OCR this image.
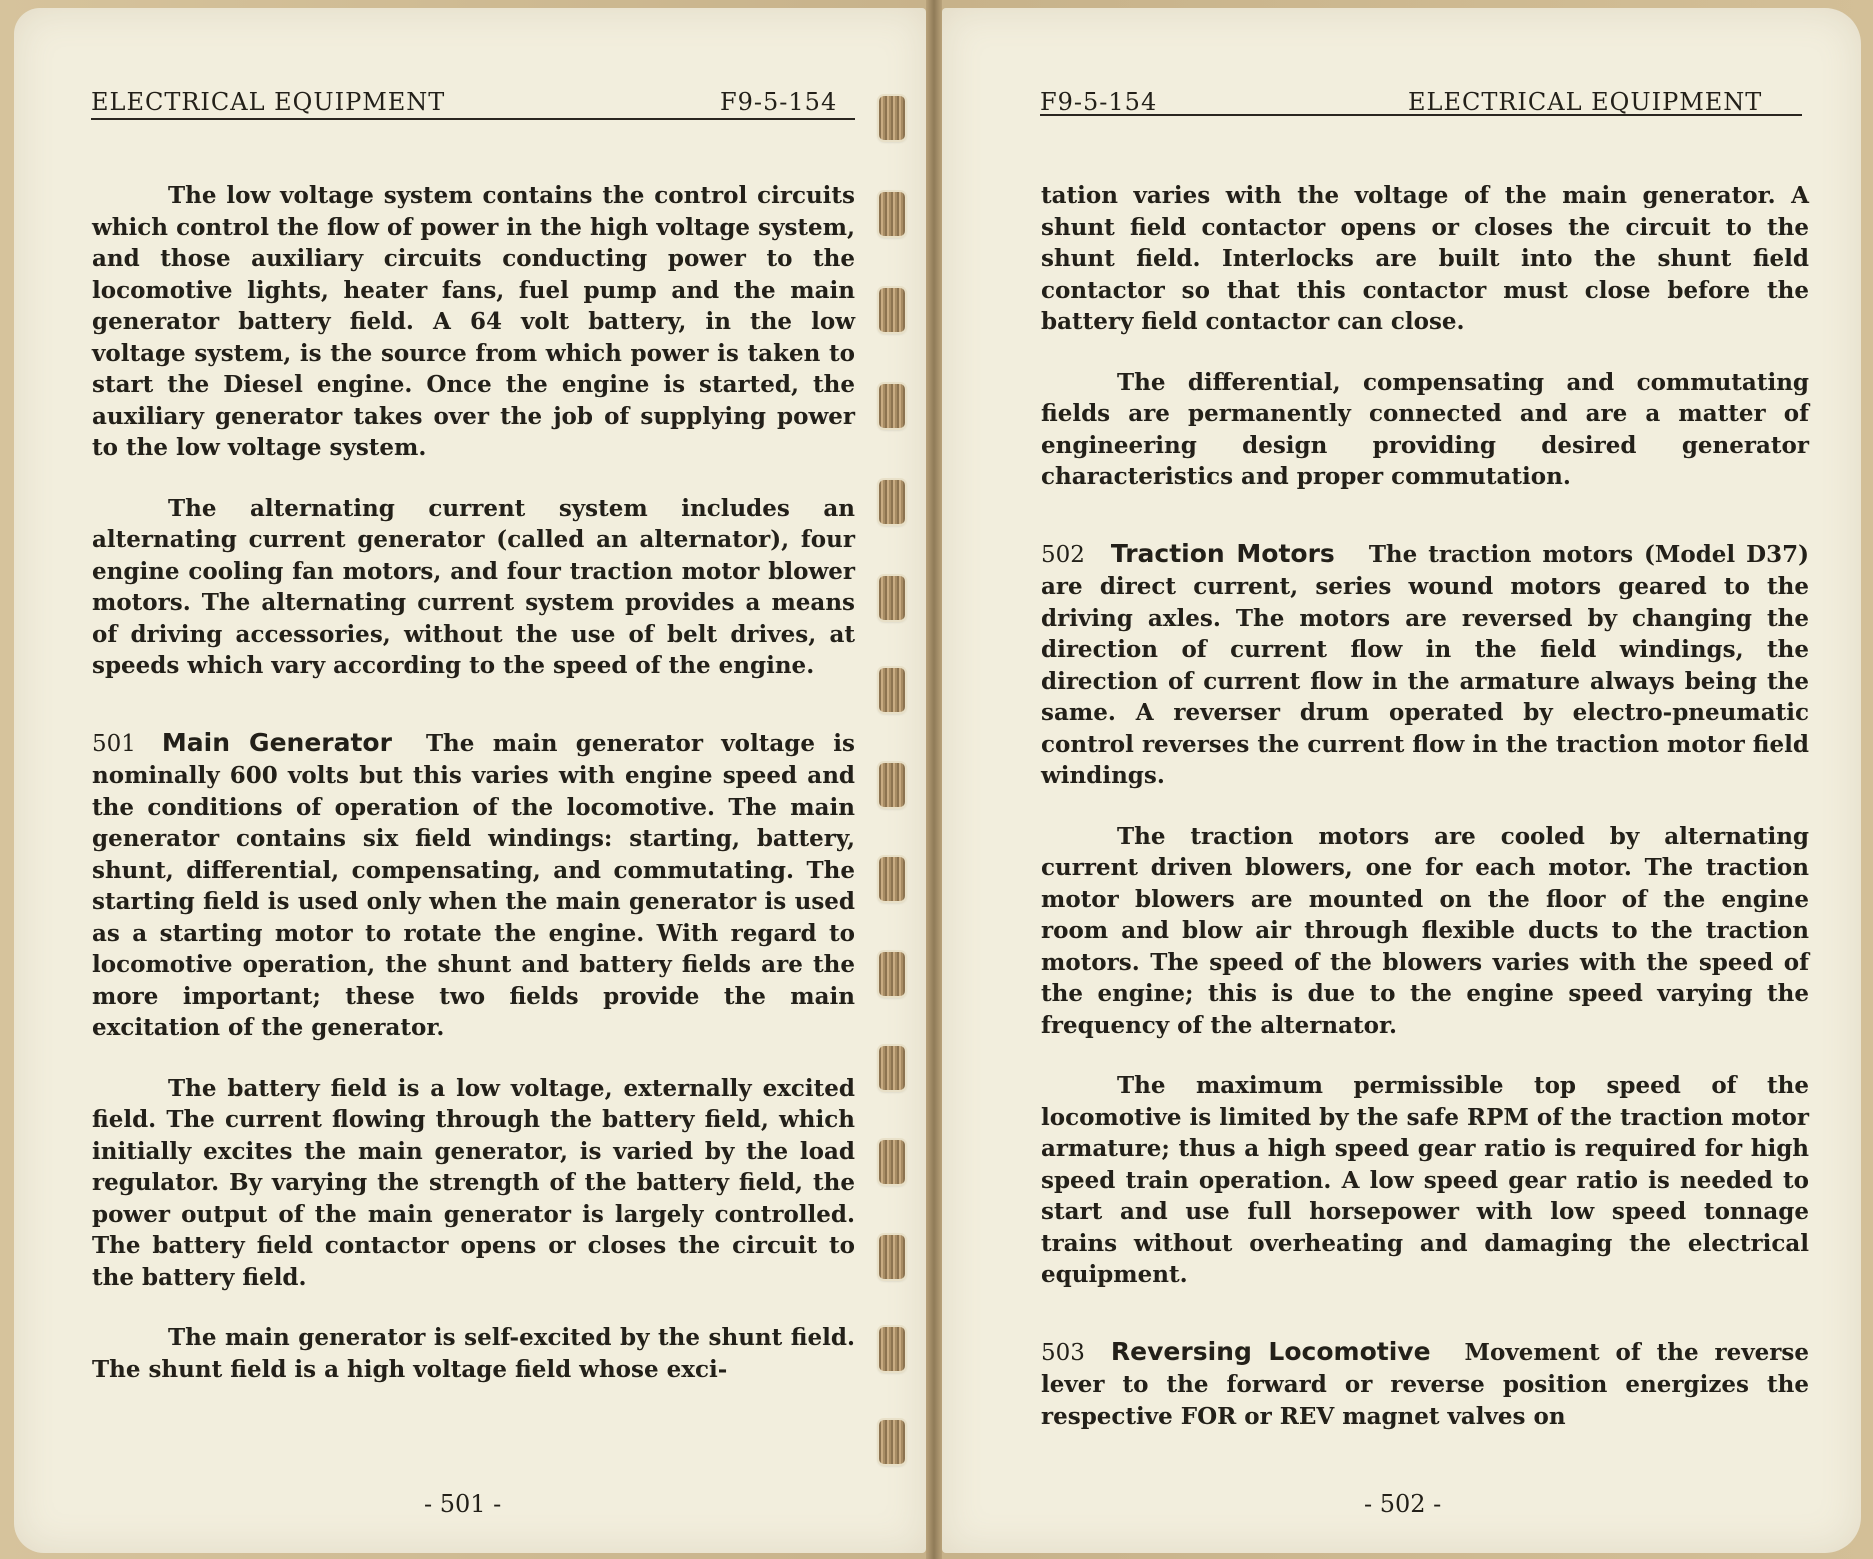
ELECTRICAL EQUIPMENT	F9-5-154

The low voltage system contains the control circuits which control the flow of power in the high voltage system, and those auxiliary circuits conducting power to the locomotive lights, heater fans, fuel pump and the main generator battery field. A 64 volt battery, in the low voltage system, is the source from which power is taken to start the Diesel engine. Once the engine is started, the auxiliary generator takes over the job of supplying power to the low voltage system.

The alternating current system includes an alternating current generator (called an alternator), four engine cooling fan motors, and four traction motor blower motors. The alternating current system provides a means of driving accessories, without the use of belt drives, at speeds which vary according to the speed of the engine.

501 Main Generator The main generator voltage is nominally 600 volts but this varies with engine speed and the conditions of operation of the locomotive. The main generator contains six field windings: starting, battery, shunt, differential, compensating, and commutating. The starting field is used only when the main generator is used as a starting motor to rotate the engine. With regard to locomotive operation, the shunt and battery fields are the more important; these two fields provide the main excitation of the generator.

The battery field is a low voltage, externally excited field. The current flowing through the battery field, which initially excites the main generator, is varied by the load regulator. By varying the strength of the battery field, the power output of the main generator is largely controlled. The battery field contactor opens or closes the circuit to the battery field.

The main generator is self-excited by the shunt field. The shunt field is a high voltage field whose exci-

- 501 -
F9-5-154	ELECTRICAL EQUIPMENT

tation varies with the voltage of the main generator. A shunt field contactor opens or closes the circuit to the shunt field. Interlocks are built into the shunt field contactor so that this contactor must close before the battery field contactor can close.

The differential, compensating and commutating fields are permanently connected and are a matter of engineering design providing desired generator characteristics and proper commutation.

502 Traction Motors The traction motors (Model D37) are direct current, series wound motors geared to the driving axles. The motors are reversed by changing the direction of current flow in the field windings, the direction of current flow in the armature always being the same. A reverser drum operated by electro-pneumatic control reverses the current flow in the traction motor field windings.

The traction motors are cooled by alternating current driven blowers, one for each motor. The traction motor blowers are mounted on the floor of the engine room and blow air through flexible ducts to the traction motors. The speed of the blowers varies with the speed of the engine; this is due to the engine speed varying the frequency of the alternator.

The maximum permissible top speed of the locomotive is limited by the safe RPM of the traction motor armature; thus a high speed gear ratio is required for high speed train operation. A low speed gear ratio is needed to start and use full horsepower with low speed tonnage trains without overheating and damaging the electrical equipment.

503 Reversing Locomotive Movement of the reverse lever to the forward or reverse position energizes the respective FOR or REV magnet valves on

- 502 -
